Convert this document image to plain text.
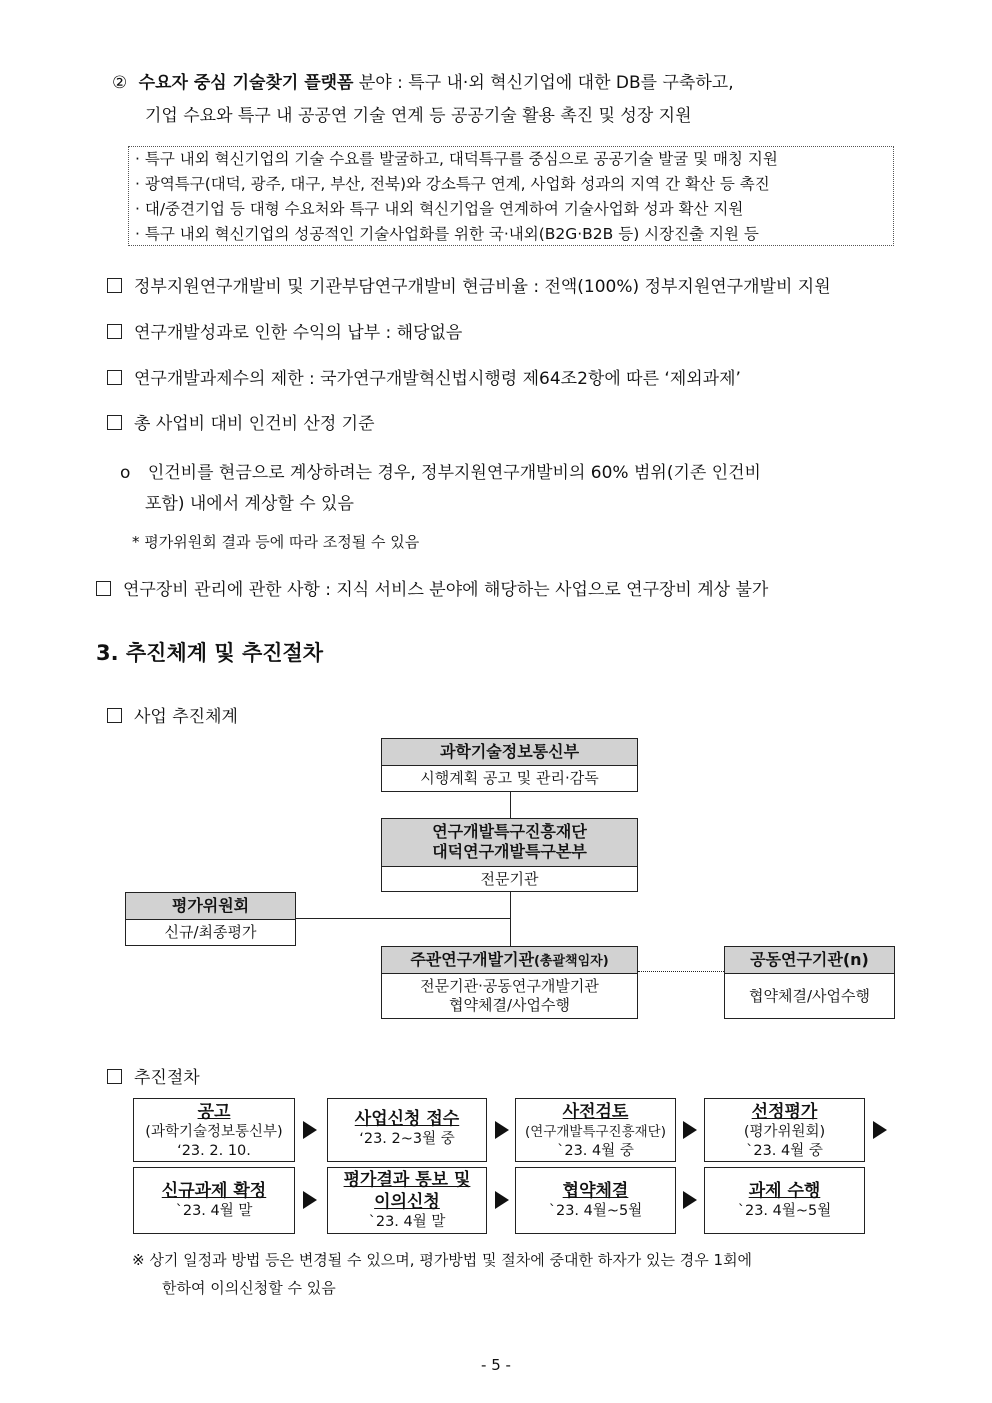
② 수요자 중심 기술찾기 플랫폼 분야 : 특구 내·외 혁신기업에 대한 DB를 구축하고,
기업 수요와 특구 내 공공연 기술 연계 등 공공기술 활용 촉진 및 성장 지원
· 특구 내외 혁신기업의 기술 수요를 발굴하고, 대덕특구를 중심으로 공공기술 발굴 및 매칭 지원
· 광역특구(대덕, 광주, 대구, 부산, 전북)와 강소특구 연계, 사업화 성과의 지역 간 확산 등 촉진
· 대/중견기업 등 대형 수요처와 특구 내외 혁신기업을 연계하여 기술사업화 성과 확산 지원
· 특구 내외 혁신기업의 성공적인 기술사업화를 위한 국·내외(B2G·B2B 등) 시장진출 지원 등
정부지원연구개발비 및 기관부담연구개발비 현금비율 : 전액(100%) 정부지원연구개발비 지원
연구개발성과로 인한 수익의 납부 : 해당없음
연구개발과제수의 제한 : 국가연구개발혁신법시행령 제64조2항에 따른 ‘제외과제’
총 사업비 대비 인건비 산정 기준
o 인건비를 현금으로 계상하려는 경우, 정부지원연구개발비의 60% 범위(기존 인건비
포함) 내에서 계상할 수 있음
* 평가위원회 결과 등에 따라 조정될 수 있음
연구장비 관리에 관한 사항 : 지식 서비스 분야에 해당하는 사업으로 연구장비 계상 불가
3. 추진체계 및 추진절차
사업 추진체계
과학기술정보통신부
시행계획 공고 및 관리·감독
연구개발특구진흥재단
대덕연구개발특구본부
전문기관
평가위원회
신규/최종평가
주관연구개발기관(총괄책임자)
전문기관·공동연구개발기관
협약체결/사업수행
공동연구기관(n)
협약체결/사업수행
추진절차
공고
(과학기술정보통신부)
‘23. 2. 10.
사업신청 접수
‘23. 2~3월 중
사전검토
(연구개발특구진흥재단)
`23. 4월 중
선정평가
(평가위원회)
`23. 4월 중
신규과제 확정
`23. 4월 말
평가결과 통보 및
이의신청
`23. 4월 말
협약체결
`23. 4월~5월
과제 수행
`23. 4월~5월
※ 상기 일정과 방법 등은 변경될 수 있으며, 평가방법 및 절차에 중대한 하자가 있는 경우 1회에
한하여 이의신청할 수 있음
- 5 -
